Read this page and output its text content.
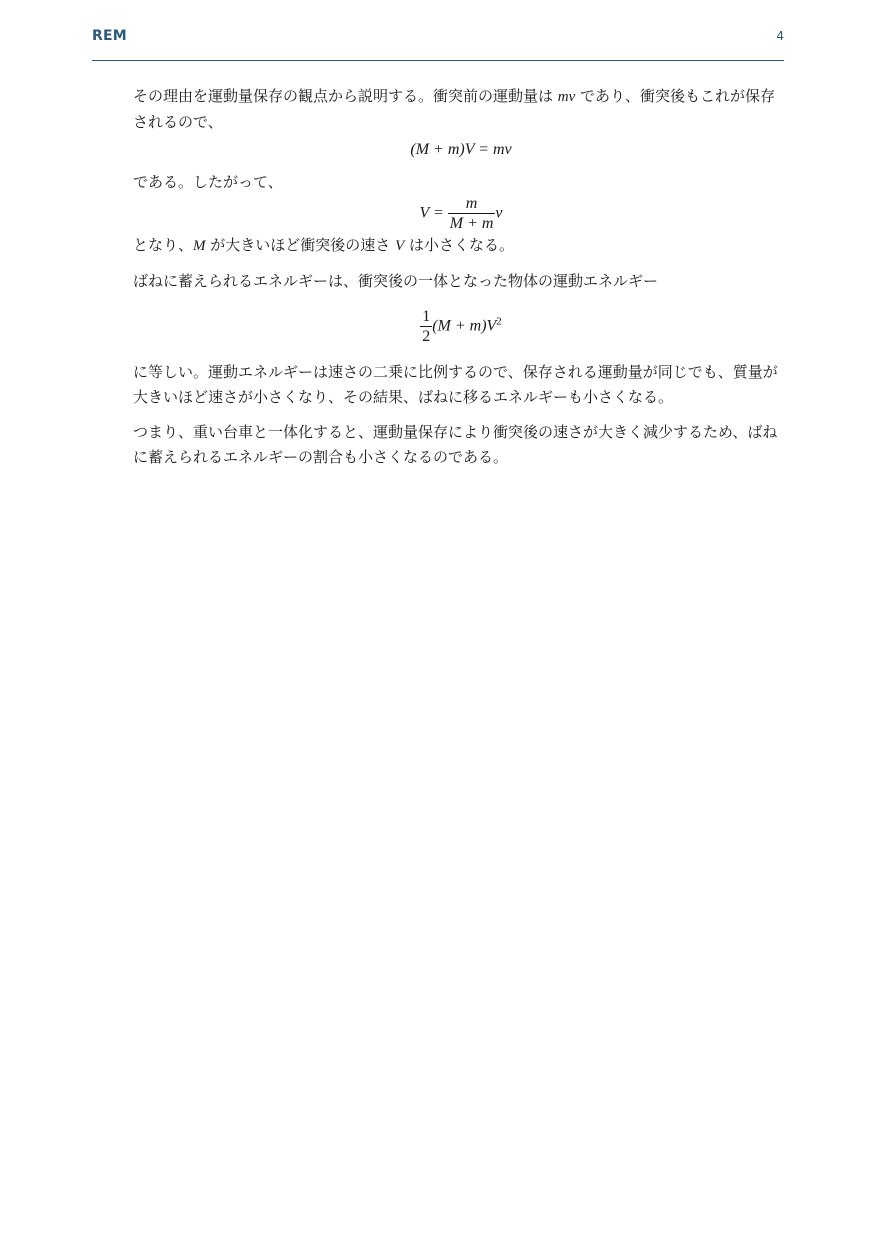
REM	4

その理由を運動量保存の観点から説明する。衝突前の運動量は mv であり、衝突後もこれが保存されるので、

(M + m)V = mv

である。したがって、

$V = \frac{m}{M + m}$ v

となり、M が大きいほど衝突後の速さ V は小さくなる。

ばねに蓄えられるエネルギーは、衝突後の一体となった物体の運動エネルギー

$\frac{1}{2} (M + m)V^2$

に等しい。運動エネルギーは速さの二乗に比例するので、保存される運動量が同じでも、質量が大きいほど速さが小さくなり、その結果、ばねに移るエネルギーも小さくなる。

つまり、重い台車と一体化すると、運動量保存により衝突後の速さが大きく減少するため、ばねに蓄えられるエネルギーの割合も小さくなるのである。
